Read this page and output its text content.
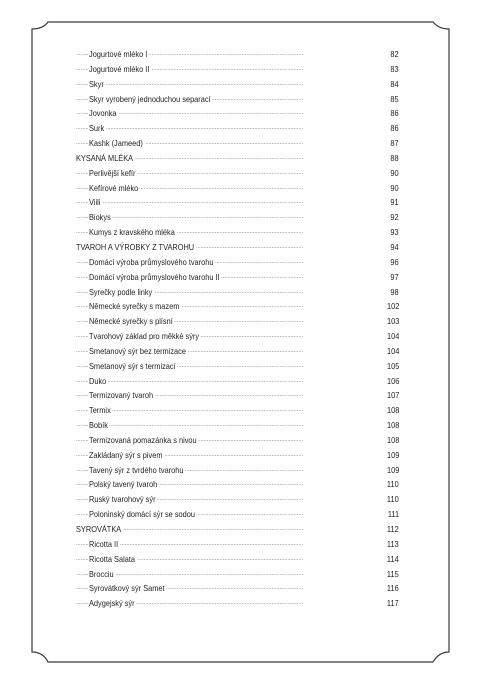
. . .
Jogurtové mléko I	82
. . .
Jogurtové mléko II	83
. . .
Skyr	84
. . .
Skyr vyrobený jednoduchou separací	85
. . .
Jovonka	86
. . .
Surk	86
. . .
Kashk (Jameed)	87
. . .
KYSANÁ MLÉKA	88
. . .
Perlivější kefír	90
. . .
Kefírové mléko	90
. . .
Viili	91
. . .
Biokys	92
. . .
Kumys z kravského mléka	93
. . .
TVAROH A VÝROBKY Z TVAROHU	94
. . .
Domácí výroba průmyslového tvarohu	96
. . .
Domácí výroba průmyslového tvarohu II	97
. . .
Syrečky podle linky	98
. . .
Německé syrečky s mazem	102
. . .
Německé syrečky s plísní	103
. . .
Tvarohový základ pro měkké sýry	104
. . .
Smetanový sýr bez termizace	104
. . .
Smetanový sýr s termizací	105
. . .
Duko	106
. . .
Termizovaný tvaroh	107
. . .
Termix	108
. . .
Bobík	108
. . .
Termizovaná pomazánka s nivou	108
. . .
Zakládaný sýr s pivem	109
. . .
Tavený sýr z tvrdého tvarohu	109
. . .
Polský tavený tvaroh	110
. . .
Ruský tvarohový sýr	110
. . .
Poloninský domácí sýr se sodou	111
. . .
SYROVÁTKA	112
. . .
Ricotta II	113
. . .
Ricotta Salata	114
. . .
Brocciu	115
. . .
Syrovátkový sýr Samet	116
. . .
Adygejský sýr	117
